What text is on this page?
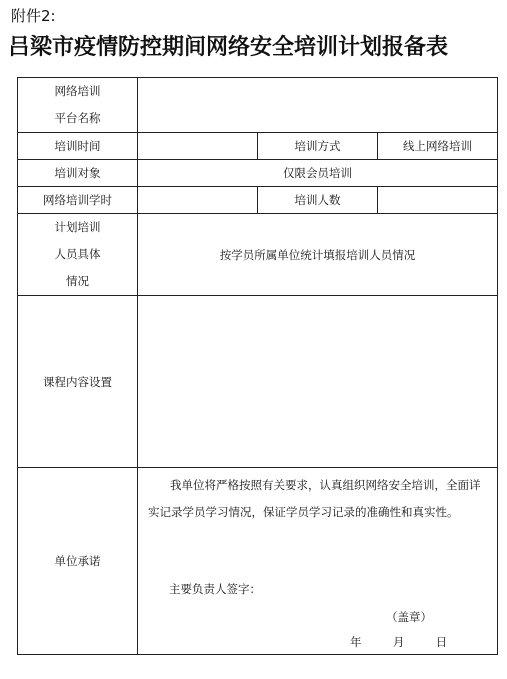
附件2:
吕梁市疫情防控期间网络安全培训计划报备表
网络培训
平台名称			

培训时间		培训方式	线上网络培训
培训对象	仅限会员培训		
网络培训学时		培训人数	

计划培训
人员具体
情况	按学员所属单位统计填报培训人员情况		
课程内容设置			
单位承诺	我单位将严格按照有关要求，认真组织网络安全培训，全面详实记录学员学习情况，保证学员学习记录的准确性和真实性。

主要负责人签字：
（盖章）
年 月 日		
